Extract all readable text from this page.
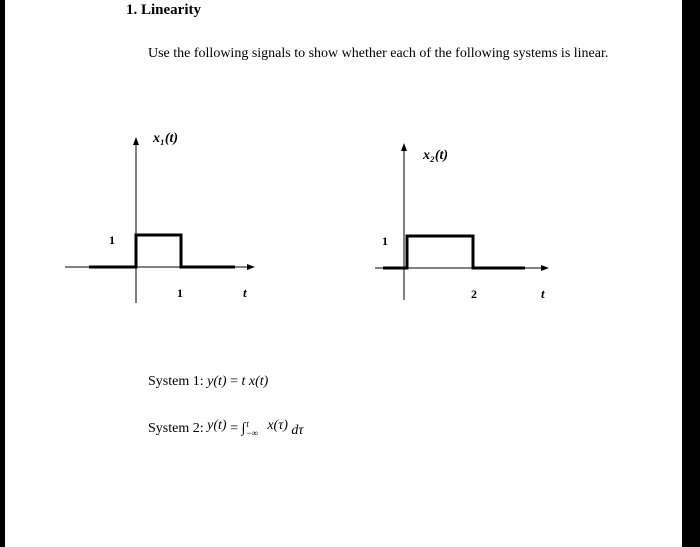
1. Linearity
Use the following signals to show whether each of the following systems is linear.
x₁(t)
1
1	t
x₂(t)
1
2	t
System 1: y(t) = t x(t)
System 2: y(t) = ∫ t
−∞ x(τ) dτ
